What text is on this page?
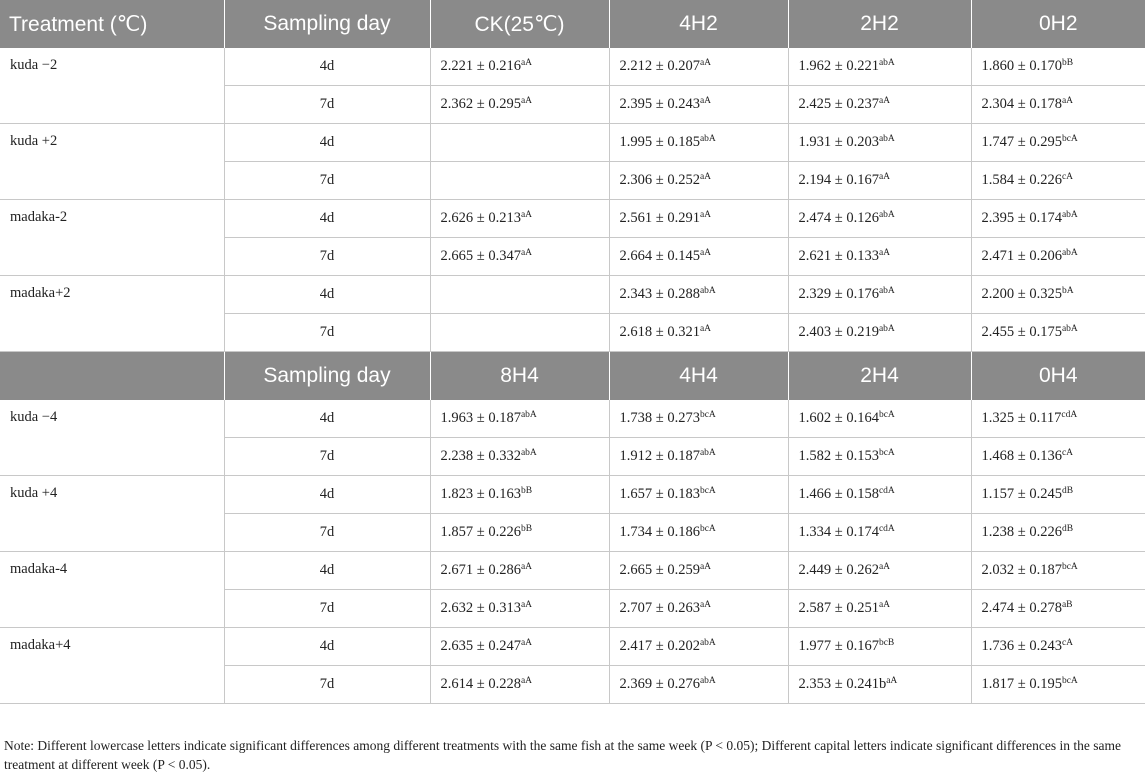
Treatment (℃)	Sampling day	CK(25℃)	4H2	2H2	0H2
kuda −2	4d	$2.221 \pm 0.216^{aA}$	$2.212 \pm 0.207^{aA}$	$1.962 \pm 0.221^{abA}$	$1.860 \pm 0.170^{bB}$
	7d	$2.362 \pm 0.295^{aA}$	$2.395 \pm 0.243^{aA}$	$2.425 \pm 0.237^{aA}$	$2.304 \pm 0.178^{aA}$
kuda +2	4d		$1.995 \pm 0.185^{abA}$	$1.931 \pm 0.203^{abA}$	$1.747 \pm 0.295^{bcA}$
	7d		$2.306 \pm 0.252^{aA}$	$2.194 \pm 0.167^{aA}$	$1.584 \pm 0.226^{cA}$
madaka-2	4d	$2.626 \pm 0.213^{aA}$	$2.561 \pm 0.291^{aA}$	$2.474 \pm 0.126^{abA}$	$2.395 \pm 0.174^{abA}$
	7d	$2.665 \pm 0.347^{aA}$	$2.664 \pm 0.145^{aA}$	$2.621 \pm 0.133^{aA}$	$2.471 \pm 0.206^{abA}$
madaka+2	4d		$2.343 \pm 0.288^{abA}$	$2.329 \pm 0.176^{abA}$	$2.200 \pm 0.325^{bA}$
	7d		$2.618 \pm 0.321^{aA}$	$2.403 \pm 0.219^{abA}$	$2.455 \pm 0.175^{abA}$
	Sampling day	8H4	4H4	2H4	0H4
kuda −4	4d	$1.963 \pm 0.187^{abA}$	$1.738 \pm 0.273^{bcA}$	$1.602 \pm 0.164^{bcA}$	$1.325 \pm 0.117^{cdA}$
	7d	$2.238 \pm 0.332^{abA}$	$1.912 \pm 0.187^{abA}$	$1.582 \pm 0.153^{bcA}$	$1.468 \pm 0.136^{cA}$
kuda +4	4d	$1.823 \pm 0.163^{bB}$	$1.657 \pm 0.183^{bcA}$	$1.466 \pm 0.158^{cdA}$	$1.157 \pm 0.245^{dB}$
	7d	$1.857 \pm 0.226^{bB}$	$1.734 \pm 0.186^{bcA}$	$1.334 \pm 0.174^{cdA}$	$1.238 \pm 0.226^{dB}$
madaka-4	4d	$2.671 \pm 0.286^{aA}$	$2.665 \pm 0.259^{aA}$	$2.449 \pm 0.262^{aA}$	$2.032 \pm 0.187^{bcA}$
	7d	$2.632 \pm 0.313^{aA}$	$2.707 \pm 0.263^{aA}$	$2.587 \pm 0.251^{aA}$	$2.474 \pm 0.278^{aB}$
madaka+4	4d	$2.635 \pm 0.247^{aA}$	$2.417 \pm 0.202^{abA}$	$1.977 \pm 0.167^{bcB}$	$1.736 \pm 0.243^{cA}$
	7d	$2.614 \pm 0.228^{aA}$	$2.369 \pm 0.276^{abA}$	$2.353 \pm 0.241b^{aA}$	$1.817 \pm 0.195^{bcA}$
Note: Different lowercase letters indicate significant differences among different treatments with the same fish at the same week (P < 0.05); Different capital letters indicate significant differences in the same treatment at different week (P < 0.05).
